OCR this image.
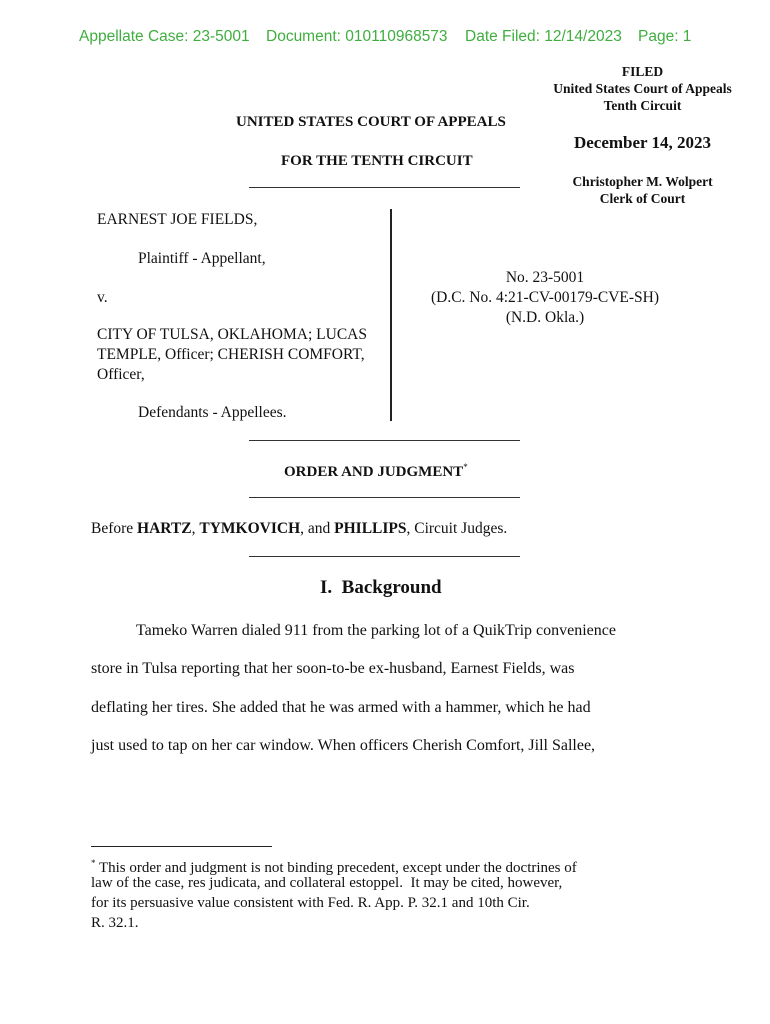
Appellate Case: 23-5001 Document: 010110968573 Date Filed: 12/14/2023 Page: 1
FILED
United States Court of Appeals
Tenth Circuit
December 14, 2023
Christopher M. Wolpert
Clerk of Court
UNITED STATES COURT OF APPEALS
FOR THE TENTH CIRCUIT
EARNEST JOE FIELDS,
Plaintiff - Appellant,
v.
CITY OF TULSA, OKLAHOMA; LUCAS
TEMPLE, Officer; CHERISH COMFORT,
Officer,
Defendants - Appellees.
No. 23-5001
(D.C. No. 4:21-CV-00179-CVE-SH)
(N.D. Okla.)
ORDER AND JUDGMENT*
Before HARTZ, TYMKOVICH, and PHILLIPS, Circuit Judges.
I.  Background
Tameko Warren dialed 911 from the parking lot of a QuikTrip convenience
store in Tulsa reporting that her soon-to-be ex-husband, Earnest Fields, was
deflating her tires. She added that he was armed with a hammer, which he had
just used to tap on her car window. When officers Cherish Comfort, Jill Sallee,
* This order and judgment is not binding precedent, except under the doctrines of
law of the case, res judicata, and collateral estoppel.  It may be cited, however,
for its persuasive value consistent with Fed. R. App. P. 32.1 and 10th Cir.
R. 32.1.
